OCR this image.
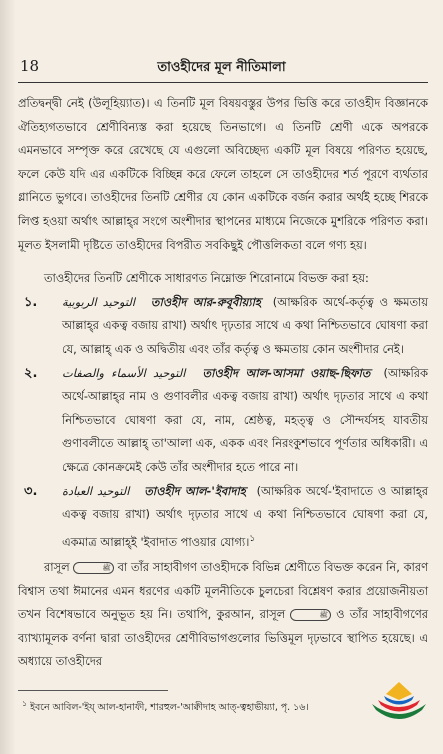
18	তাওহীদের মূল নীতিমালা

প্রতিদ্বন্দ্বী নেই (উলূহিয়্যাত)। এ তিনটি মূল বিষয়বস্তুর উপর ভিত্তি করে তাওহীদ বিজ্ঞানকে ঐতিহ্যগতভাবে শ্রেণীবিন্যস্ত করা হয়েছে তিনভাগে। এ তিনটি শ্রেণী একে অপরকে এমনভাবে সম্পৃক্ত করে রেখেছে যে এগুলো অবিচ্ছেদ্য একটি মূল বিষয়ে পরিণত হয়েছে, ফলে কেউ যদি এর একটিকে বিচ্ছিন্ন করে ফেলে তাহলে সে তাওহীদের শর্ত পূরণে ব্যর্থতার গ্লানিতে ভুগবে। তাওহীদের তিনটি শ্রেণীর যে কোন একটিকে বর্জন করার অর্থই হচ্ছে শিরকে লিপ্ত হওয়া অর্থাৎ আল্লাহ্‌র সংগে অংশীদার স্থাপনের মাধ্যমে নিজেকে মুশরিকে পরিণত করা। মূলত ইসলামী দৃষ্টিতে তাওহীদের বিপরীত সবকিছুই পৌত্তলিকতা বলে গণ্য হয়।

তাওহীদের তিনটি শ্রেণীকে সাধারণত নিম্নোক্ত শিরোনামে বিভক্ত করা হয়:

১. التوحيد الربوبية তাওহীদ আর-রুবূবীয়্যাহ (আক্ষরিক অর্থে-কর্তৃত্ব ও ক্ষমতায় আল্লাহ্‌র একত্ব বজায় রাখা) অর্থাৎ দৃঢ়তার সাথে এ কথা নিশ্চিতভাবে ঘোষণা করা যে, আল্লাহ্‌ এক ও অদ্বিতীয় এবং তাঁর কর্তৃত্ব ও ক্ষমতায় কোন অংশীদার নেই।

২. التوحيد الأسماء والصفات তাওহীদ আল-আসমা ওয়াছ-ছিফাত (আক্ষরিক অর্থে-আল্লাহ্‌র নাম ও গুণাবলীর একত্ব বজায় রাখা) অর্থাৎ দৃঢ়তার সাথে এ কথা নিশ্চিতভাবে ঘোষণা করা যে, নাম, শ্রেষ্ঠত্ব, মহত্ত্ব ও সৌন্দর্যসহ যাবতীয় গুণাবলীতে আল্লাহ্‌ তা'আলা এক, একক এবং নিরংকুশভাবে পূর্ণতার অধিকারী। এ ক্ষেত্রে কোনক্রমেই কেউ তাঁর অংশীদার হতে পারে না।

৩. التوحيد العبادة তাওহীদ আল-'ইবাদাহ (আক্ষরিক অর্থে-'ইবাদাতে ও আল্লাহ্‌র একত্ব বজায় রাখা) অর্থাৎ দৃঢ়তার সাথে এ কথা নিশ্চিতভাবে ঘোষণা করা যে, একমাত্র আল্লাহ্‌ই 'ইবাদাত পাওয়ার যোগ্য।$^১$

রাসূল	ﷺ বা তাঁর সাহাবীগণ তাওহীদকে বিভিন্ন শ্রেণীতে বিভক্ত করেন নি, কারণ বিশ্বাস তথা ঈমানের এমন ধরণের একটি মূলনীতিকে চুলচেরা বিশ্লেষণ করার প্রয়োজনীয়তা তখন বিশেষভাবে অনুভূত হয় নি। তথাপি, কুরআন, রাসূল	ﷺ ও তাঁর সাহাবীগণের ব্যাখ্যামূলক বর্ণনা দ্বারা তাওহীদের শ্রেণীবিভাগগুলোর ভিত্তিমূল দৃঢ়ভাবে স্থাপিত হয়েছে। এ অধ্যায়ে তাওহীদের

$^১$ ইবনে আবিল-'ইয্‌ আল-হানাফী, শারহুল-'আক্বীদাহ আত্‌-ত্বহাভীয়্যা, পৃ. ১৬।
